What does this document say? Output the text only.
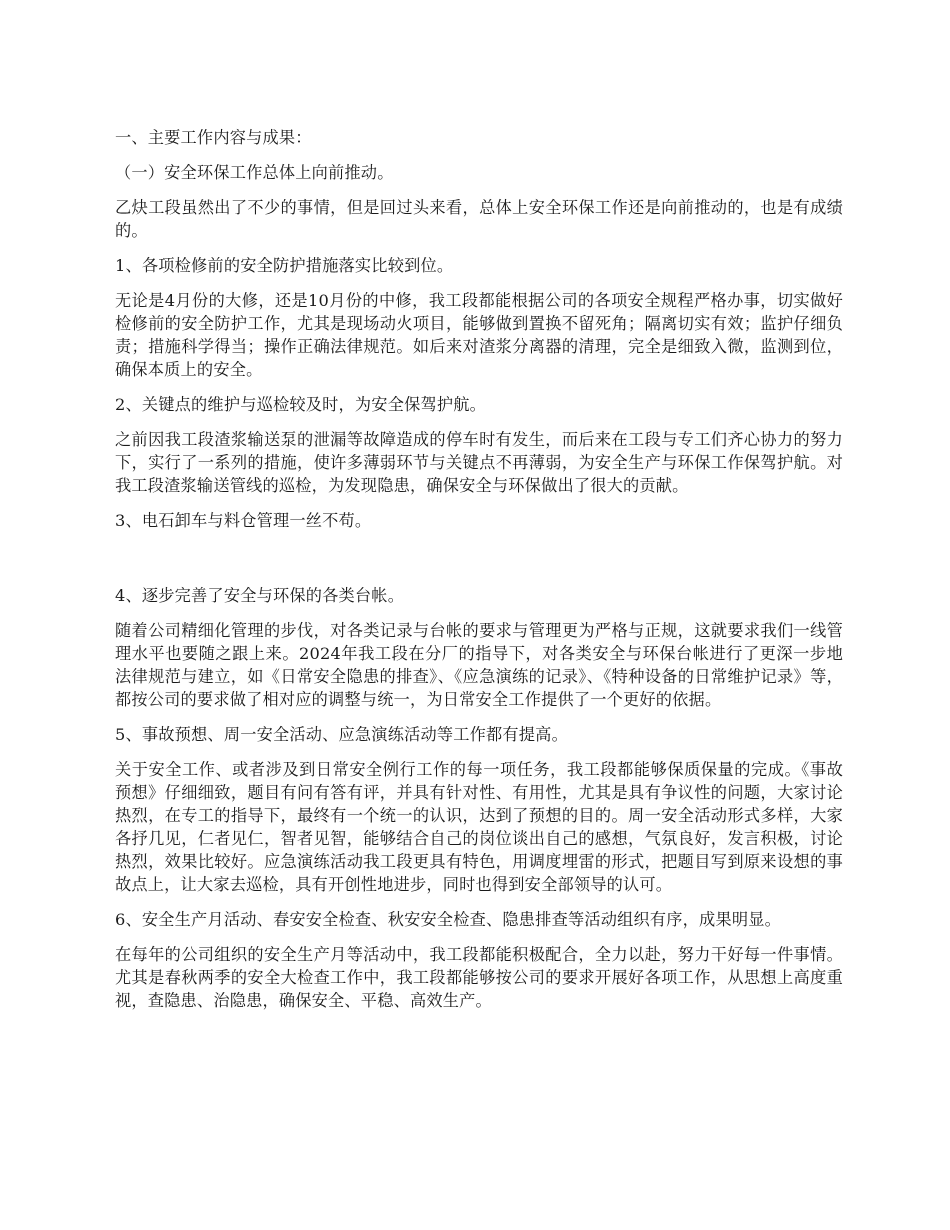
一、主要工作内容与成果：

（一）安全环保工作总体上向前推动。

乙炔工段虽然出了不少的事情，但是回过头来看，总体上安全环保工作还是向前推动的，也是有成绩的。

1、各项检修前的安全防护措施落实比较到位。

无论是4月份的大修，还是10月份的中修，我工段都能根据公司的各项安全规程严格办事，切实做好检修前的安全防护工作，尤其是现场动火项目，能够做到置换不留死角；隔离切实有效；监护仔细负责；措施科学得当；操作正确法律规范。如后来对渣浆分离器的清理，完全是细致入微，监测到位，确保本质上的安全。

2、关键点的维护与巡检较及时，为安全保驾护航。

之前因我工段渣浆输送泵的泄漏等故障造成的停车时有发生，而后来在工段与专工们齐心协力的努力下，实行了一系列的措施，使许多薄弱环节与关键点不再薄弱，为安全生产与环保工作保驾护航。对我工段渣浆输送管线的巡检，为发现隐患，确保安全与环保做出了很大的贡献。

3、电石卸车与料仓管理一丝不苟。

4、逐步完善了安全与环保的各类台帐。

随着公司精细化管理的步伐，对各类记录与台帐的要求与管理更为严格与正规，这就要求我们一线管理水平也要随之跟上来。2024年我工段在分厂的指导下，对各类安全与环保台帐进行了更深一步地法律规范与建立，如《日常安全隐患的排查》、《应急演练的记录》、《特种设备的日常维护记录》等，都按公司的要求做了相对应的调整与统一，为日常安全工作提供了一个更好的依据。

5、事故预想、周一安全活动、应急演练活动等工作都有提高。

关于安全工作、或者涉及到日常安全例行工作的每一项任务，我工段都能够保质保量的完成。《事故预想》仔细细致，题目有问有答有评，并具有针对性、有用性，尤其是具有争议性的问题，大家讨论热烈，在专工的指导下，最终有一个统一的认识，达到了预想的目的。周一安全活动形式多样，大家各抒几见，仁者见仁，智者见智，能够结合自己的岗位谈出自己的感想，气氛良好，发言积极，讨论热烈，效果比较好。应急演练活动我工段更具有特色，用调度埋雷的形式，把题目写到原来设想的事故点上，让大家去巡检，具有开创性地进步，同时也得到安全部领导的认可。

6、安全生产月活动、春安安全检查、秋安安全检查、隐患排查等活动组织有序，成果明显。

在每年的公司组织的安全生产月等活动中，我工段都能积极配合，全力以赴，努力干好每一件事情。尤其是春秋两季的安全大检查工作中，我工段都能够按公司的要求开展好各项工作，从思想上高度重视，查隐患、治隐患，确保安全、平稳、高效生产。
